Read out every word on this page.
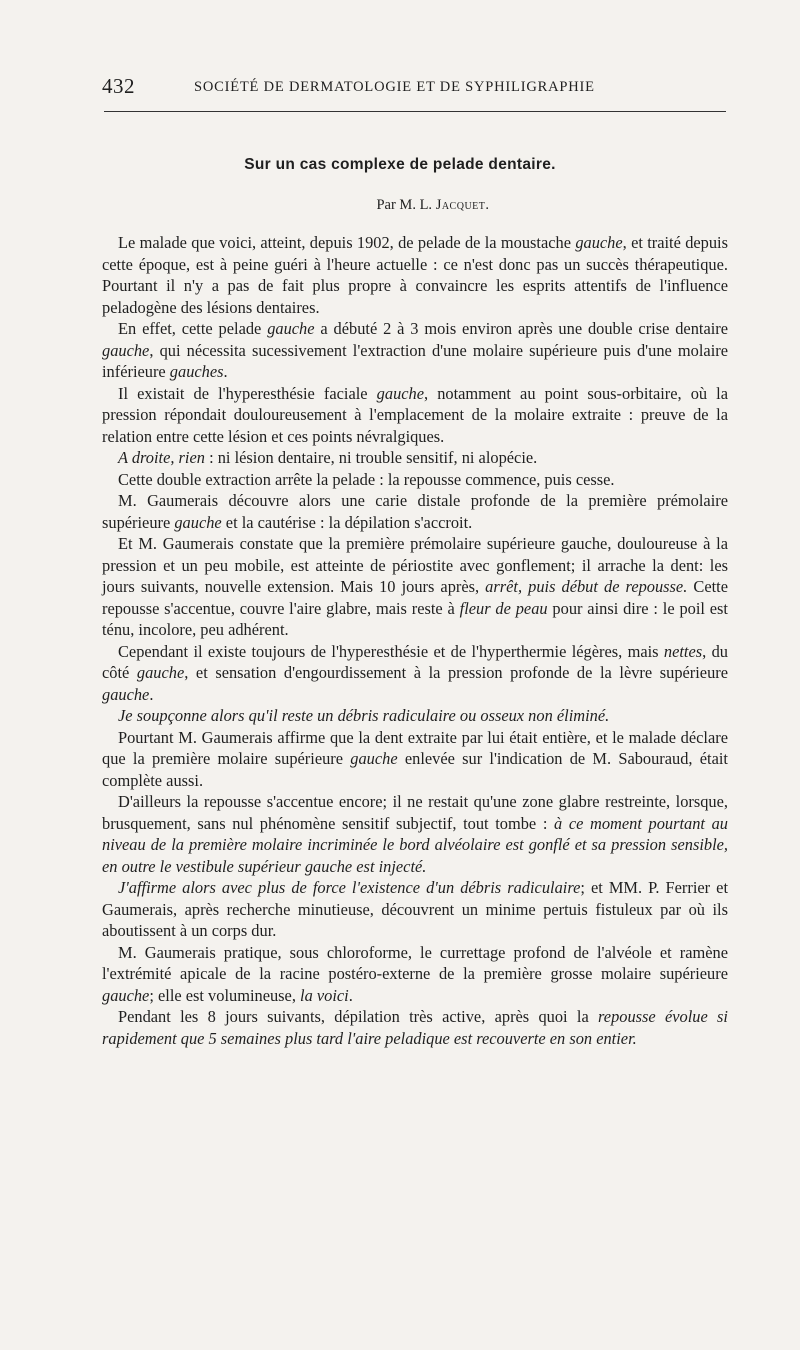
432	SOCIÉTÉ DE DERMATOLOGIE ET DE SYPHILIGRAPHIE
Sur un cas complexe de pelade dentaire.
Par M. L. Jacquet.

Le malade que voici, atteint, depuis 1902, de pelade de la moustache gauche, et traité depuis cette époque, est à peine guéri à l'heure actuelle : ce n'est donc pas un succès thérapeutique. Pourtant il n'y a pas de fait plus propre à convaincre les esprits attentifs de l'influence peladogène des lésions dentaires.

En effet, cette pelade gauche a débuté 2 à 3 mois environ après une double crise dentaire gauche, qui nécessita sucessivement l'extraction d'une molaire supérieure puis d'une molaire inférieure gauches.

Il existait de l'hyperesthésie faciale gauche, notamment au point sous-orbitaire, où la pression répondait douloureusement à l'emplacement de la molaire extraite : preuve de la relation entre cette lésion et ces points névralgiques.

A droite, rien : ni lésion dentaire, ni trouble sensitif, ni alopécie.

Cette double extraction arrête la pelade : la repousse commence, puis cesse.

M. Gaumerais découvre alors une carie distale profonde de la première prémolaire supérieure gauche et la cautérise : la dépilation s'accroit.

Et M. Gaumerais constate que la première prémolaire supérieure gauche, douloureuse à la pression et un peu mobile, est atteinte de périostite avec gonflement; il arrache la dent: les jours suivants, nouvelle extension. Mais 10 jours après, arrêt, puis début de repousse. Cette repousse s'accentue, couvre l'aire glabre, mais reste à fleur de peau pour ainsi dire : le poil est ténu, incolore, peu adhérent.

Cependant il existe toujours de l'hyperesthésie et de l'hyperthermie légères, mais nettes, du côté gauche, et sensation d'engourdissement à la pression profonde de la lèvre supérieure gauche.

Je soupçonne alors qu'il reste un débris radiculaire ou osseux non éliminé.

Pourtant M. Gaumerais affirme que la dent extraite par lui était entière, et le malade déclare que la première molaire supérieure gauche enlevée sur l'indication de M. Sabouraud, était complète aussi.

D'ailleurs la repousse s'accentue encore; il ne restait qu'une zone glabre restreinte, lorsque, brusquement, sans nul phénomène sensitif subjectif, tout tombe : à ce moment pourtant au niveau de la première molaire incriminée le bord alvéolaire est gonflé et sa pression sensible, en outre le vestibule supérieur gauche est injecté.

J'affirme alors avec plus de force l'existence d'un débris radiculaire; et MM. P. Ferrier et Gaumerais, après recherche minutieuse, découvrent un minime pertuis fistuleux par où ils aboutissent à un corps dur.

M. Gaumerais pratique, sous chloroforme, le currettage profond de l'alvéole et ramène l'extrémité apicale de la racine postéro-externe de la première grosse molaire supérieure gauche; elle est volumineuse, la voici.

Pendant les 8 jours suivants, dépilation très active, après quoi la repousse évolue si rapidement que 5 semaines plus tard l'aire peladique est recouverte en son entier.
